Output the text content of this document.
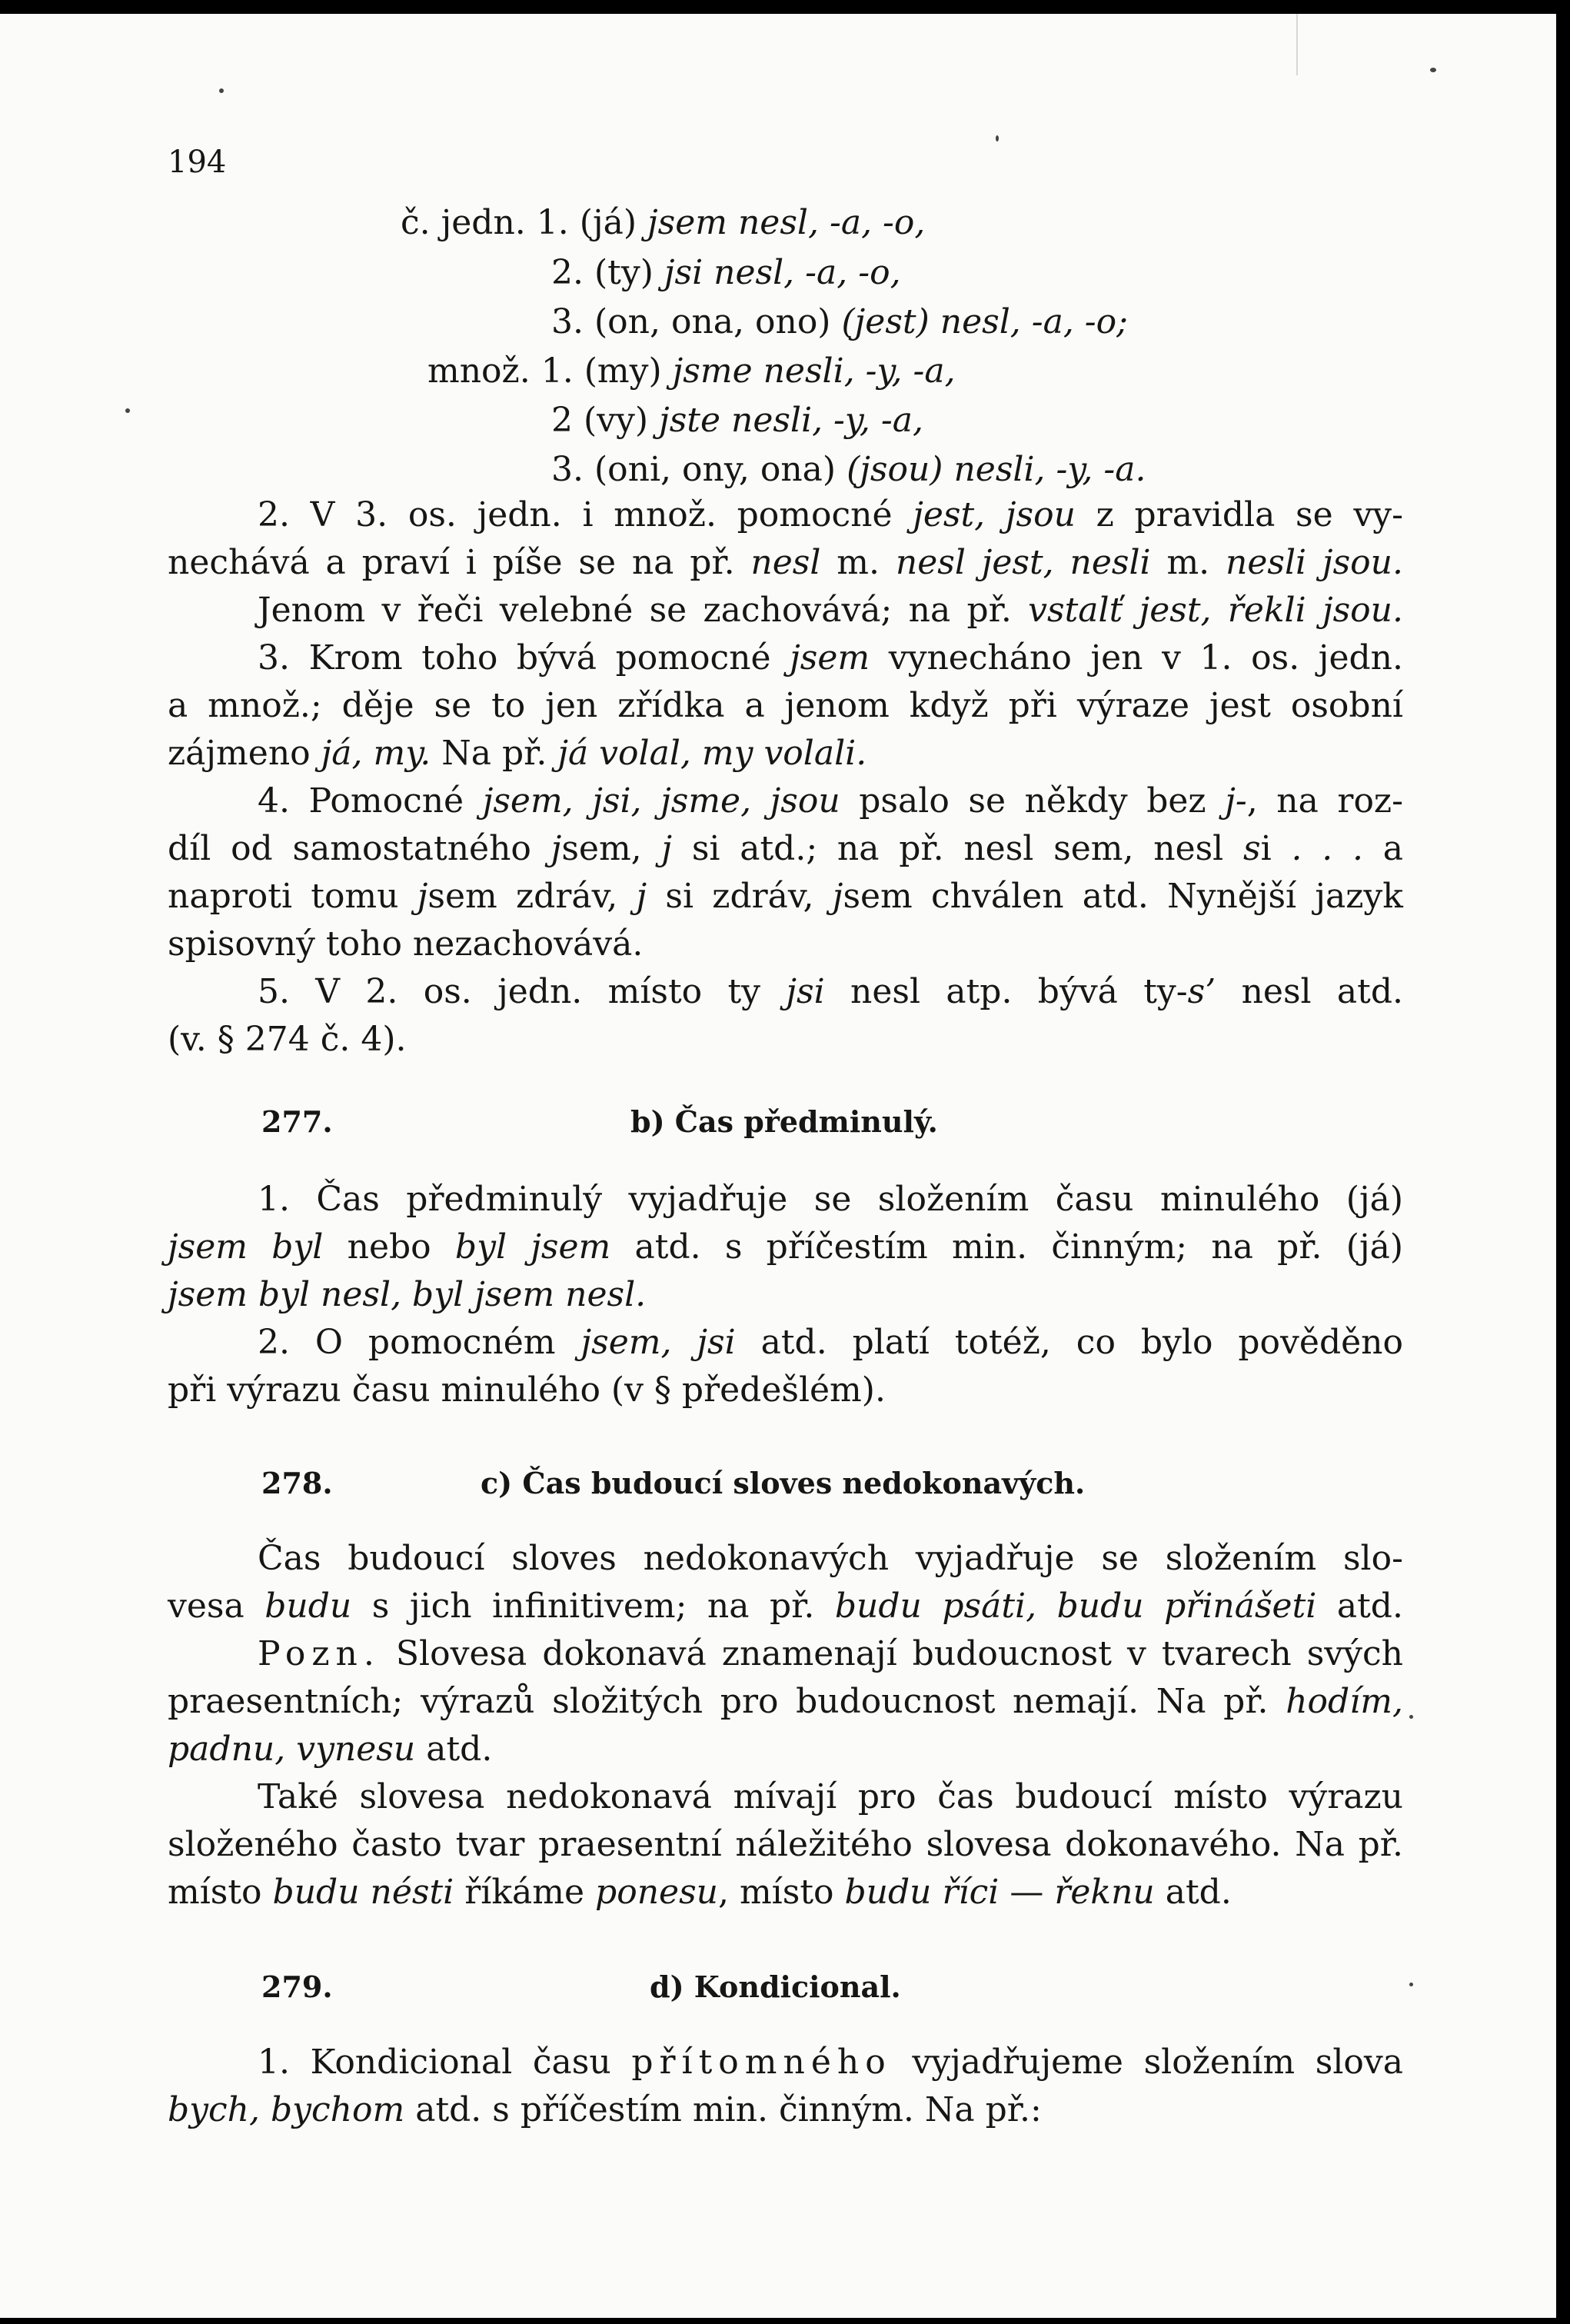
194
č. jedn. 1. (já) jsem nesl, -a, -o,
2. (ty) jsi nesl, -a, -o,
3. (on, ona, ono) (jest) nesl, -a, -o;
množ. 1. (my) jsme nesli, -y, -a,
2 (vy) jste nesli, -y, -a,
3. (oni, ony, ona) (jsou) nesli, -y, -a.
2. V 3. os. jedn. i množ. pomocné jest, jsou z pravidla se vy-
nechává a praví i píše se na př. nesl m. nesl jest, nesli m. nesli jsou.
Jenom v řeči velebné se zachovává; na př. vstalť jest, řekli jsou.
3. Krom toho bývá pomocné jsem vynecháno jen v 1. os. jedn.
a množ.; děje se to jen zřídka a jenom když při výraze jest osobní
zájmeno já, my. Na př. já volal, my volali.
4. Pomocné jsem, jsi, jsme, jsou psalo se někdy bez j-, na roz-
díl od samostatného jsem, j si atd.; na př. nesl sem, nesl si . . . a
naproti tomu jsem zdráv, j si zdráv, jsem chválen atd. Nynější jazyk
spisovný toho nezachovává.
5. V 2. os. jedn. místo ty jsi nesl atp. bývá ty-s’ nesl atd.
(v. § 274 č. 4).
277.	b) Čas předminulý.
1. Čas předminulý vyjadřuje se složením času minulého (já)
jsem byl nebo byl jsem atd. s příčestím min. činným; na př. (já)
jsem byl nesl, byl jsem nesl.
2. O pomocném jsem, jsi atd. platí totéž, co bylo pověděno
při výrazu času minulého (v § předešlém).
278.	c) Čas budoucí sloves nedokonavých.
Čas budoucí sloves nedokonavých vyjadřuje se složením slo-
vesa budu s jich infinitivem; na př. budu psáti, budu přinášeti atd.
Pozn. Slovesa dokonavá znamenají budoucnost v tvarech svých
praesentních; výrazů složitých pro budoucnost nemají. Na př. hodím,
padnu, vynesu atd.
Také slovesa nedokonavá mívají pro čas budoucí místo výrazu
složeného často tvar praesentní náležitého slovesa dokonavého. Na př.
místo budu nésti říkáme ponesu, místo budu říci — řeknu atd.
279.	d) Kondicional.
1. Kondicional času přítomného vyjadřujeme složením slova
bych, bychom atd. s příčestím min. činným. Na př.:
